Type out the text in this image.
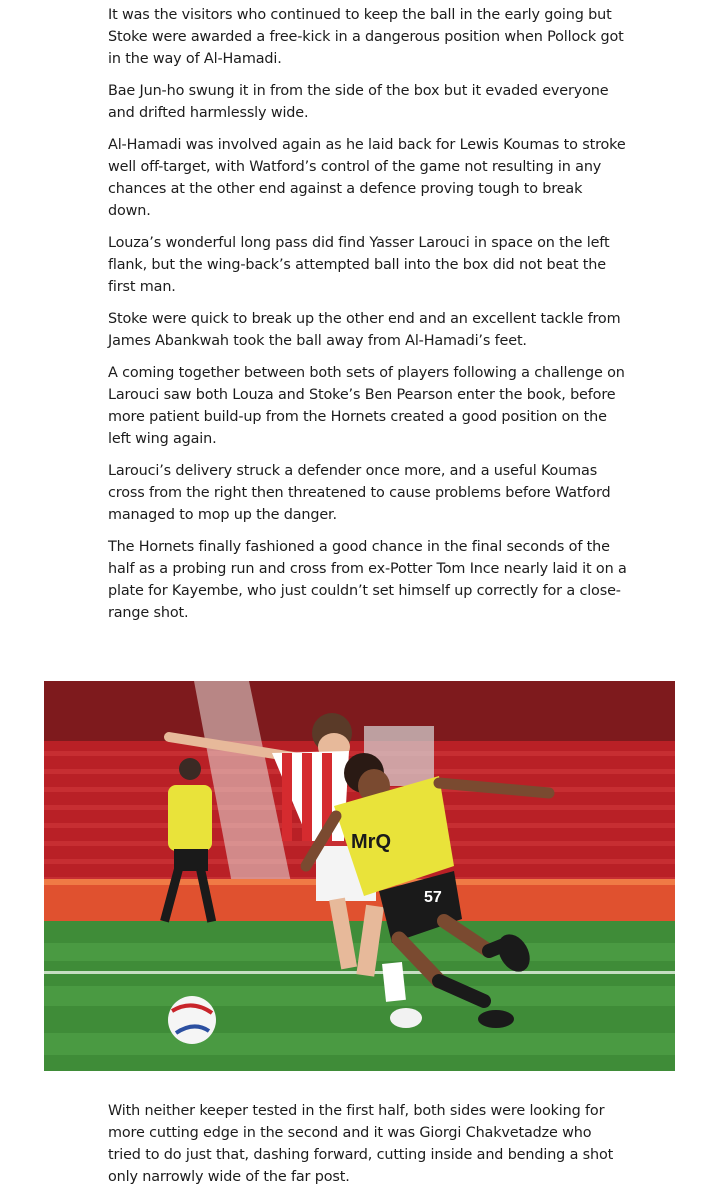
It was the visitors who continued to keep the ball in the early going but Stoke were awarded a free-kick in a dangerous position when Pollock got in the way of Al-Hamadi.

Bae Jun-ho swung it in from the side of the box but it evaded everyone and drifted harmlessly wide.

Al-Hamadi was involved again as he laid back for Lewis Koumas to stroke well off-target, with Watford’s control of the game not resulting in any chances at the other end against a defence proving tough to break down.

Louza’s wonderful long pass did find Yasser Larouci in space on the left flank, but the wing-back’s attempted ball into the box did not beat the first man.

Stoke were quick to break up the other end and an excellent tackle from James Abankwah took the ball away from Al-Hamadi’s feet.

A coming together between both sets of players following a challenge on Larouci saw both Louza and Stoke’s Ben Pearson enter the book, before more patient build-up from the Hornets created a good position on the left wing again.

Larouci’s delivery struck a defender once more, and a useful Koumas cross from the right then threatened to cause problems before Watford managed to mop up the danger.

The Hornets finally fashioned a good chance in the final seconds of the half as a probing run and cross from ex-Potter Tom Ince nearly laid it on a plate for Kayembe, who just couldn’t set himself up correctly for a close-range shot.

MrQ
57

With neither keeper tested in the first half, both sides were looking for more cutting edge in the second and it was Giorgi Chakvetadze who tried to do just that, dashing forward, cutting inside and bending a shot only narrowly wide of the far post.
